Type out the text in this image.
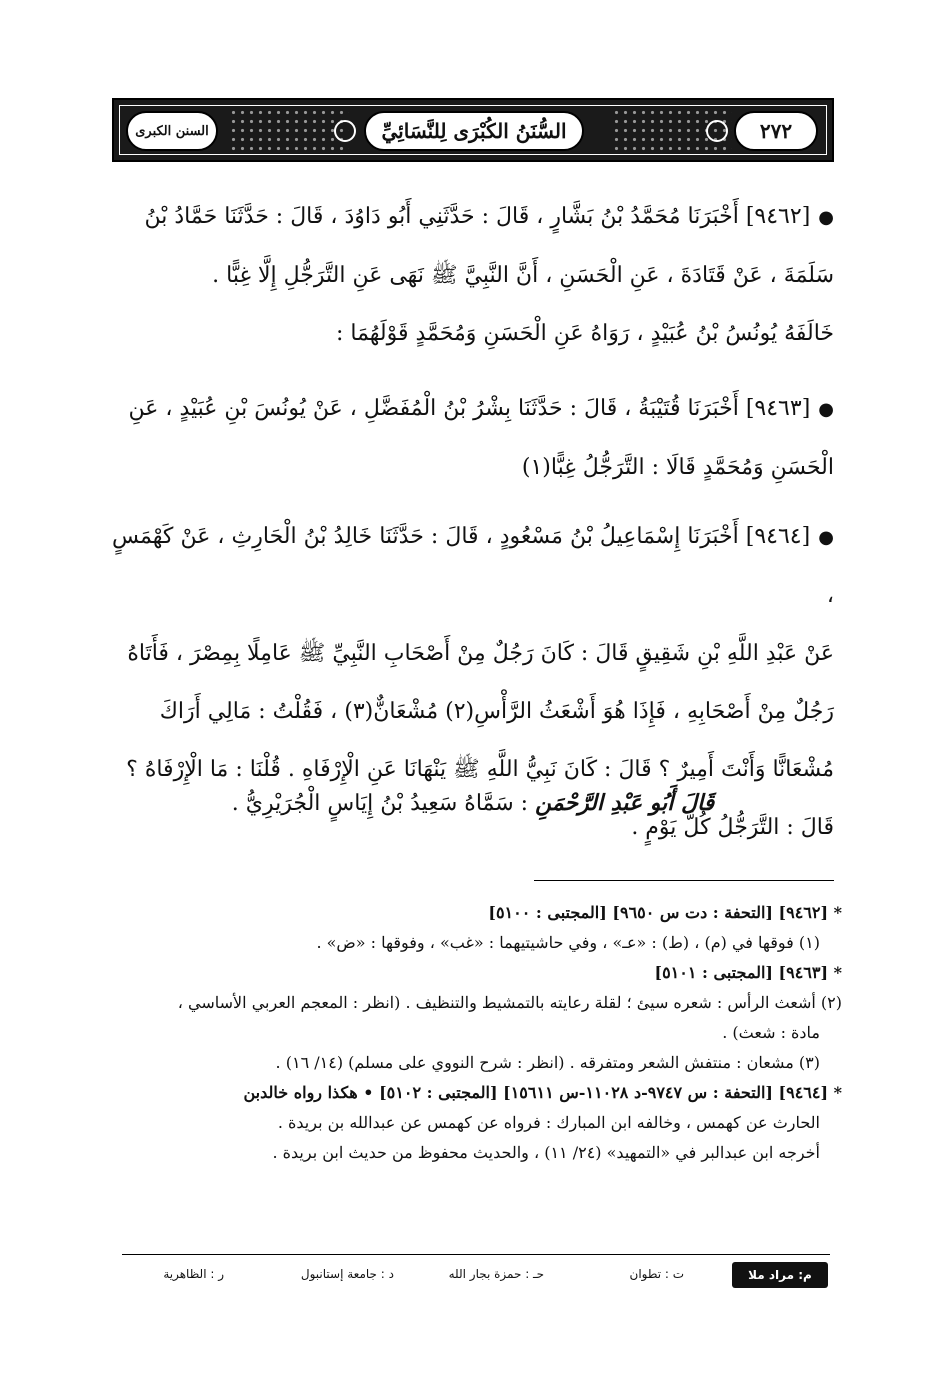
السنن الكبرى	السُّنَنُ الكُبْرَى لِلنَّسَائِيِّ	٢٧٢

●[٩٤٦٢] أَخْبَرَنَا مُحَمَّدُ بْنُ بَشَّارٍ ، قَالَ : حَدَّثَنِي أَبُو دَاوُدَ ، قَالَ : حَدَّثَنَا حَمَّادُ بْنُ
سَلَمَةَ ، عَنْ قَتَادَةَ ، عَنِ الْحَسَنِ ، أَنَّ النَّبِيَّ ﷺ نَهَى عَنِ التَّرَجُّلِ إِلَّا غِبًّا .
خَالَفَهُ يُونُسُ بْنُ عُبَيْدٍ ، رَوَاهُ عَنِ الْحَسَنِ وَمُحَمَّدٍ قَوْلَهُمَا :

●[٩٤٦٣] أَخْبَرَنَا قُتَيْبَةُ ، قَالَ : حَدَّثَنَا بِشْرُ بْنُ الْمُفَضَّلِ ، عَنْ يُونُسَ بْنِ عُبَيْدٍ ، عَنِ
الْحَسَنِ وَمُحَمَّدٍ قَالَا : التَّرَجُّلُ غِبًّا(١)

●[٩٤٦٤] أَخْبَرَنَا إِسْمَاعِيلُ بْنُ مَسْعُودٍ ، قَالَ : حَدَّثَنَا خَالِدُ بْنُ الْحَارِثِ ، عَنْ كَهْمَسٍ ،
عَنْ عَبْدِ اللَّهِ بْنِ شَقِيقٍ قَالَ : كَانَ رَجُلٌ مِنْ أَصْحَابِ النَّبِيِّ ﷺ عَامِلًا بِمِصْرَ ، فَأَتَاهُ
رَجُلٌ مِنْ أَصْحَابِهِ ، فَإِذَا هُوَ أَشْعَثُ الرَّأْسِ(٢) مُشْعَانٌّ(٣) ، فَقُلْتُ : مَالِي أَرَاكَ
مُشْعَانًّا وَأَنْتَ أَمِيرٌ ؟ قَالَ : كَانَ نَبِيُّ اللَّهِ ﷺ يَنْهَانَا عَنِ الْإِرْفَاهِ . قُلْنَا : مَا الْإِرْفَاهُ ؟
قَالَ : التَّرَجُّلُ كُلَّ يَوْمٍ .

قَالَ أَبُو عَبْدِ الرَّحْمَنِ : سَمَّاهُ سَعِيدُ بْنُ إِيَاسٍ الْجُرَيْرِيُّ .

* [٩٤٦٢] [التحفة : دت س ٩٦٥٠] [المجتبى : ٥١٠٠]

(١) فوقها في (م) ، (ط) : «عـ» ، وفي حاشيتيهما : «غب» ، وفوقها : «ض» .

* [٩٤٦٣] [المجتبى : ٥١٠١]

(٢) أشعث الرأس : شعره سيئ ؛ لقلة رعايته بالتمشيط والتنظيف . (انظر : المعجم العربي الأساسي ،

مادة : شعث) .

(٣) مشعان : منتفش الشعر ومتفرقه . (انظر : شرح النووي على مسلم) (١٤/ ١٦) .

* [٩٤٦٤] [التحفة : س ٩٧٤٧-د ١١٠٢٨-س ١٥٦١١] [المجتبى : ٥١٠٢] • هكذا رواه خالدبن

الحارث عن كهمس ، وخالفه ابن المبارك : فرواه عن كهمس عن عبدالله بن بريدة .

أخرجه ابن عبدالبر في «التمهيد» (٢٤/ ١١) ، والحديث محفوظ من حديث ابن بريدة .

م: مراد ملا
ت : تطوان
حـ : حمزة بجار الله
د : جامعة إستانبول
ر : الظاهرية
